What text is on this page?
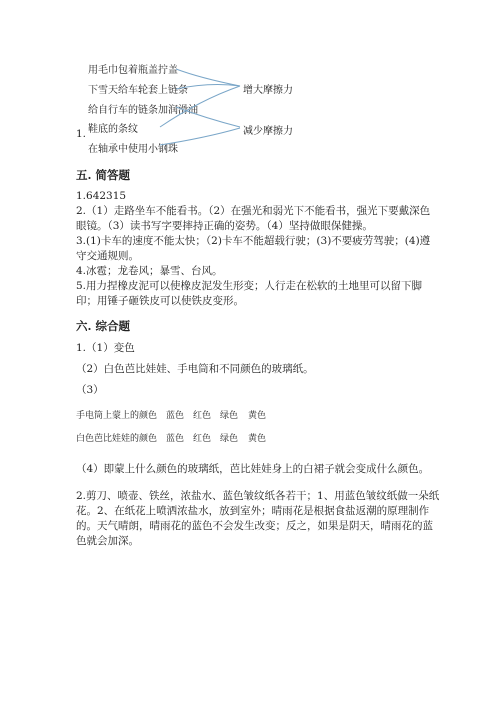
用毛巾包着瓶盖拧盖
下雪天给车轮套上链条
给自行车的链条加润滑油
鞋底的条纹
在轴承中使用小钢珠
1.
增大摩擦力
减少摩擦力
五. 简答题
1.642315
2.（1）走路坐车不能看书。（2）在强光和弱光下不能看书，强光下要戴深色
眼镜。（3）读书写字要摔持正确的姿势。（4）坚持做眼保健操。
3.(1)卡车的速度不能太快；（2)卡车不能超载行驶；(3)不要疲劳驾驶；(4)遵
守交通规则。
4.冰雹；龙卷风；暴雪、台风。
5.用力捏橡皮泥可以使橡皮泥发生形变；人行走在松软的土地里可以留下脚
印；用锤子砸铁皮可以使铁皮变形。
六. 综合题
1.（1）变色
（2）白色芭比娃娃、手电筒和不同颜色的玻璃纸。
（3）
手电筒上蒙上的颜色 蓝色 红色 绿色 黄色
白色芭比娃娃的颜色 蓝色 红色 绿色 黄色
（4）即蒙上什么颜色的玻璃纸，芭比娃娃身上的白裙子就会变成什么颜色。
2.剪刀、喷壶、铁丝，浓盐水、蓝色皱纹纸各若干；1、用蓝色皱纹纸做一朵纸
花。2、在纸花上喷洒浓盐水，放到室外；晴雨花是根据食盐返潮的原理制作
的。天气晴朗，晴雨花的蓝色不会发生改变；反之，如果是阴天，晴雨花的蓝
色就会加深。
